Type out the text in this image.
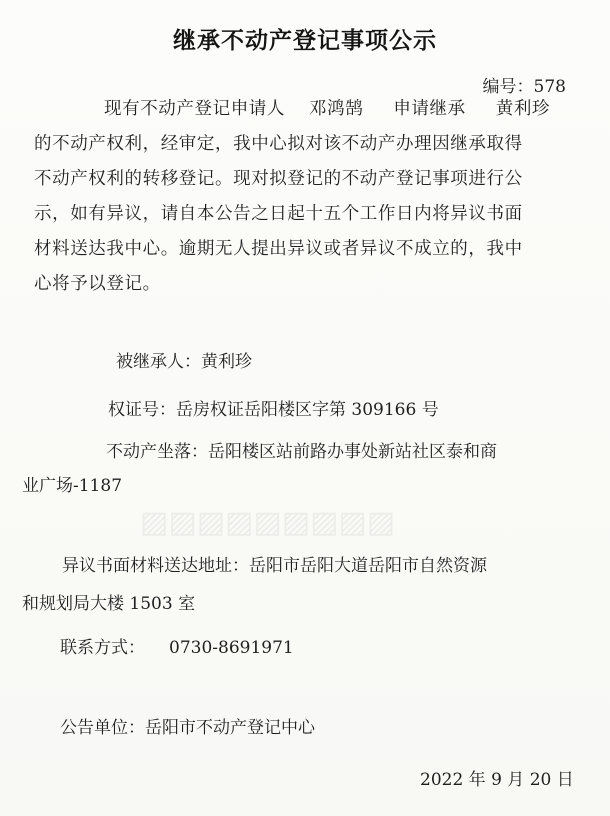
▨▨▨▨▨▨▨▨▨
继承不动产登记事项公示
编号：578
现有不动产登记申请人 邓鸿鹄 申请继承 黄利珍
的不动产权利，经审定，我中心拟对该不动产办理因继承取得
不动产权利的转移登记。现对拟登记的不动产登记事项进行公
示，如有异议，请自本公告之日起十五个工作日内将异议书面
材料送达我中心。逾期无人提出异议或者异议不成立的，我中
心将予以登记。
被继承人：黄利珍
权证号：岳房权证岳阳楼区字第 309166 号
不动产坐落：岳阳楼区站前路办事处新站社区泰和商
业广场-1187
异议书面材料送达地址：岳阳市岳阳大道岳阳市自然资源
和规划局大楼 1503 室
联系方式： 0730-8691971
公告单位：岳阳市不动产登记中心
2022 年 9 月 20 日
